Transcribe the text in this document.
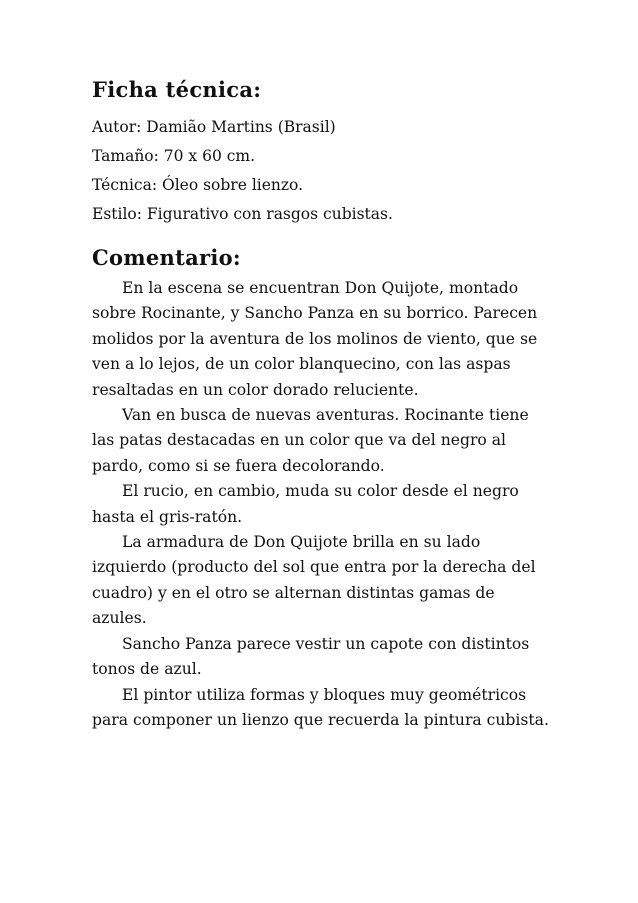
Ficha técnica:

Autor: Damião Martins (Brasil)

Tamaño: 70 x 60 cm.

Técnica: Óleo sobre lienzo.

Estilo: Figurativo con rasgos cubistas.

Comentario:

En la escena se encuentran Don Quijote, montado sobre Rocinante, y Sancho Panza en su borrico. Parecen molidos por la aventura de los molinos de viento, que se ven a lo lejos, de un color blanquecino, con las aspas resaltadas en un color dorado reluciente.

Van en busca de nuevas aventuras. Rocinante tiene las patas destacadas en un color que va del negro al pardo, como si se fuera decolorando.

El rucio, en cambio, muda su color desde el negro hasta el gris-ratón.

La armadura de Don Quijote brilla en su lado izquierdo (producto del sol que entra por la derecha del cuadro) y en el otro se alternan distintas gamas de azules.

Sancho Panza parece vestir un capote con distintos tonos de azul.

El pintor utiliza formas y bloques muy geométricos para componer un lienzo que recuerda la pintura cubista.
